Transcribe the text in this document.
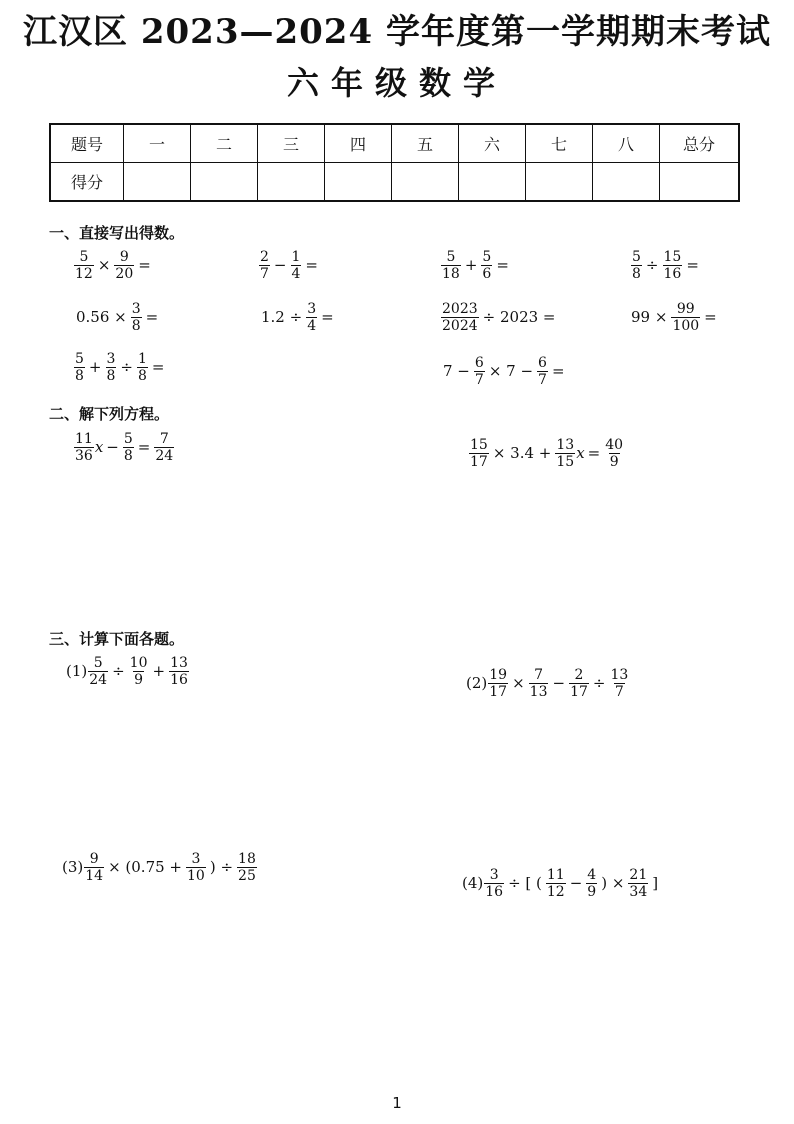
江汉区 2023—2024 学年度第一学期期末考试
六年级数学
题号	一	二	三	四	五	六	七	八	总分
得分									
一、直接写出得数。
$\frac{5}{12} \times \frac{9}{20}$ =	$\frac{2}{7} - \frac{1}{4}$ =	$\frac{5}{18} + \frac{5}{6}$ =	$\frac{5}{8} \div \frac{15}{16}$ =
$0.56 \times \frac{3}{8}$ =	$1.2 \div \frac{3}{4}$ =	$\frac{2023}{2024} \div 2023$ =	$99 \times \frac{99}{100}$ =
$\frac{5}{8} + \frac{3}{8} \div \frac{1}{8}$ =	$7 - \frac{6}{7} \times 7 - \frac{6}{7}$ =
二、解下列方程。
$\frac{11}{36}$ $x - \frac{5}{8} = \frac{7}{24}$	$\frac{15}{17} \times 3.4 + \frac{13}{15}$ $x = \frac{40}{9}$
三、计算下面各题。
$(1) \frac{5}{24} \div \frac{10}{9} + \frac{13}{16}$	$(2) \frac{19}{17} \times \frac{7}{13} - \frac{2}{17} \div \frac{13}{7}$
$(3) \frac{9}{14} \times (0.75 + \frac{3}{10}$ ) ÷ $\frac{18}{25}$	$(4) \frac{3}{16}$ ÷ [ ( $\frac{11}{12} - \frac{4}{9}$ ) × $\frac{21}{34}$ ]
1
